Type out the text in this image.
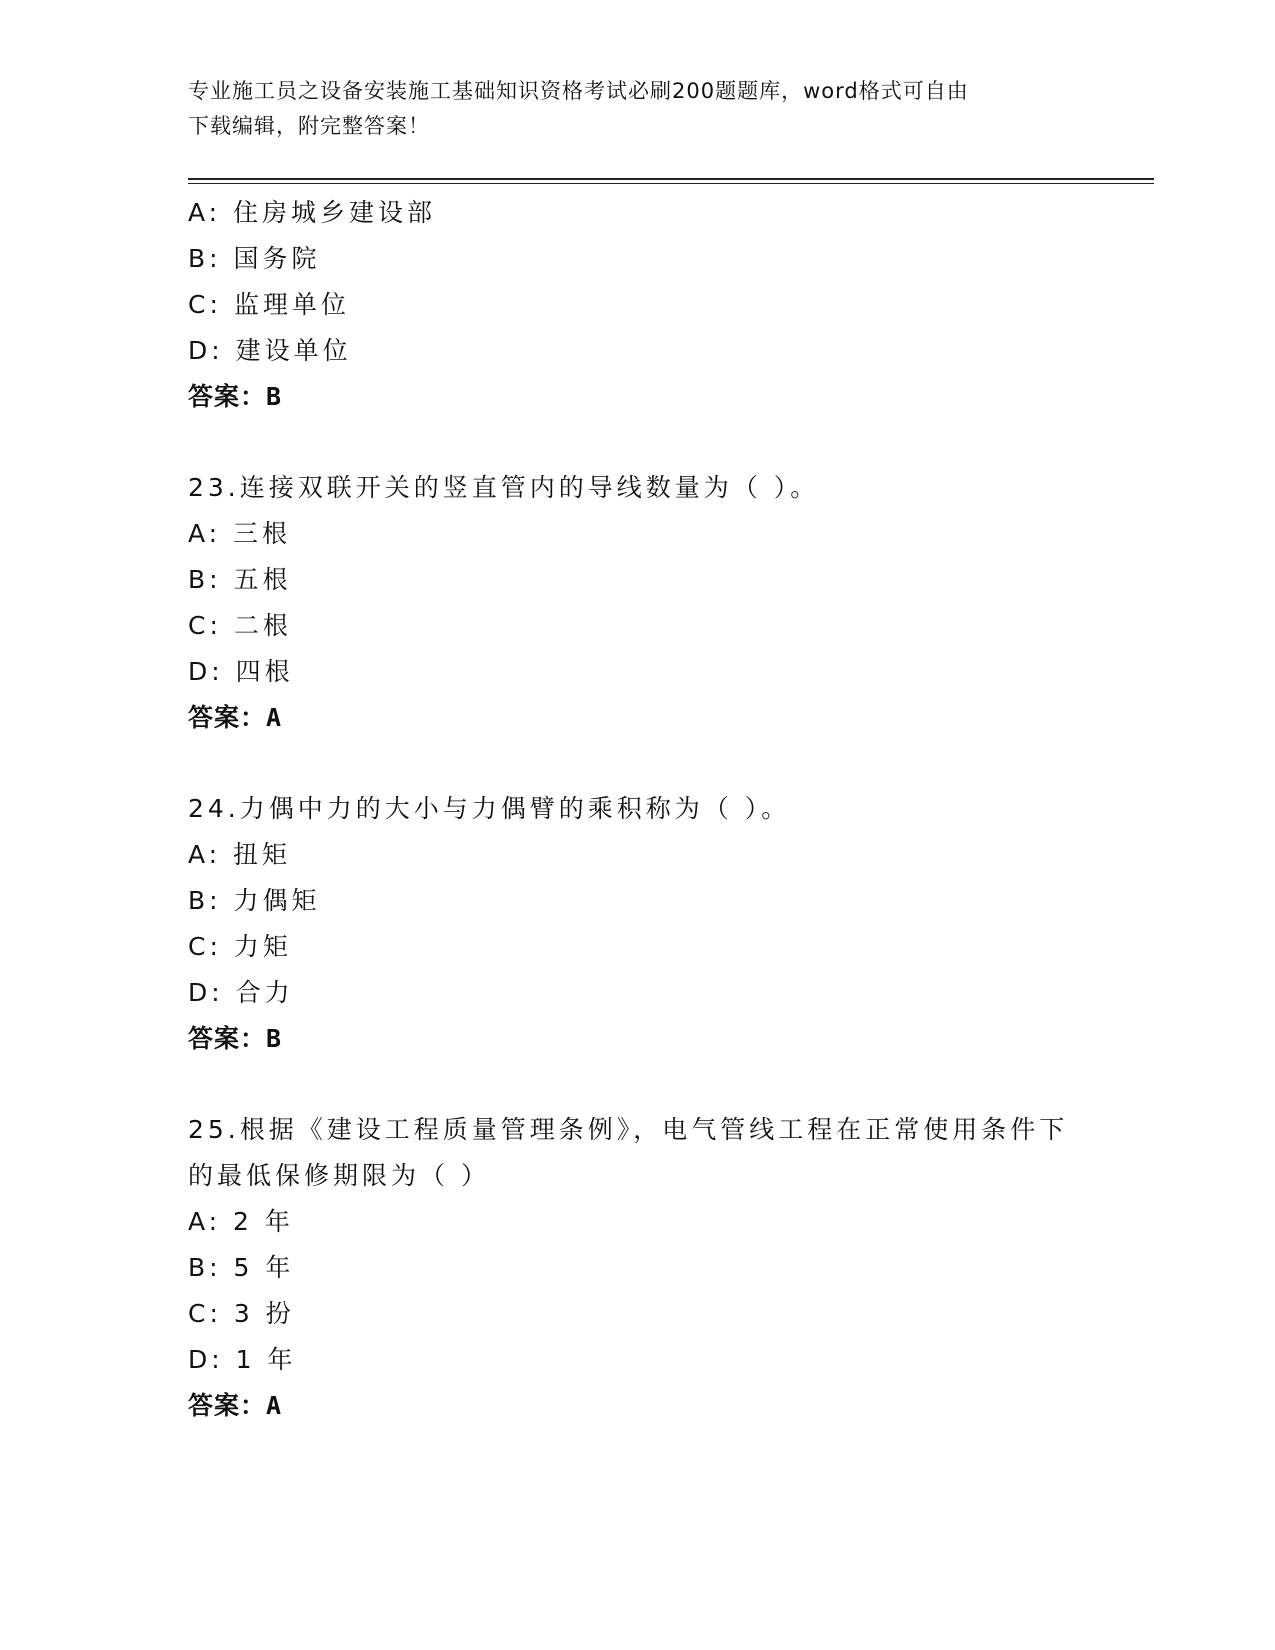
专业施工员之设备安装施工基础知识资格考试必刷200题题库，word格式可自由
下载编辑，附完整答案！
A: 住房城乡建设部
B: 国务院
C: 监理单位
D: 建设单位
答案：B
23.连接双联开关的竖直管内的导线数量为（ ）。
A: 三根
B: 五根
C: 二根
D: 四根
答案：A
24.力偶中力的大小与力偶臂的乘积称为（ ）。
A: 扭矩
B: 力偶矩
C: 力矩
D: 合力
答案：B
25.根据《建设工程质量管理条例》，电气管线工程在正常使用条件下
的最低保修期限为（ ）
A: 2 年
B: 5 年
C: 3 扮
D: 1 年
答案：A
